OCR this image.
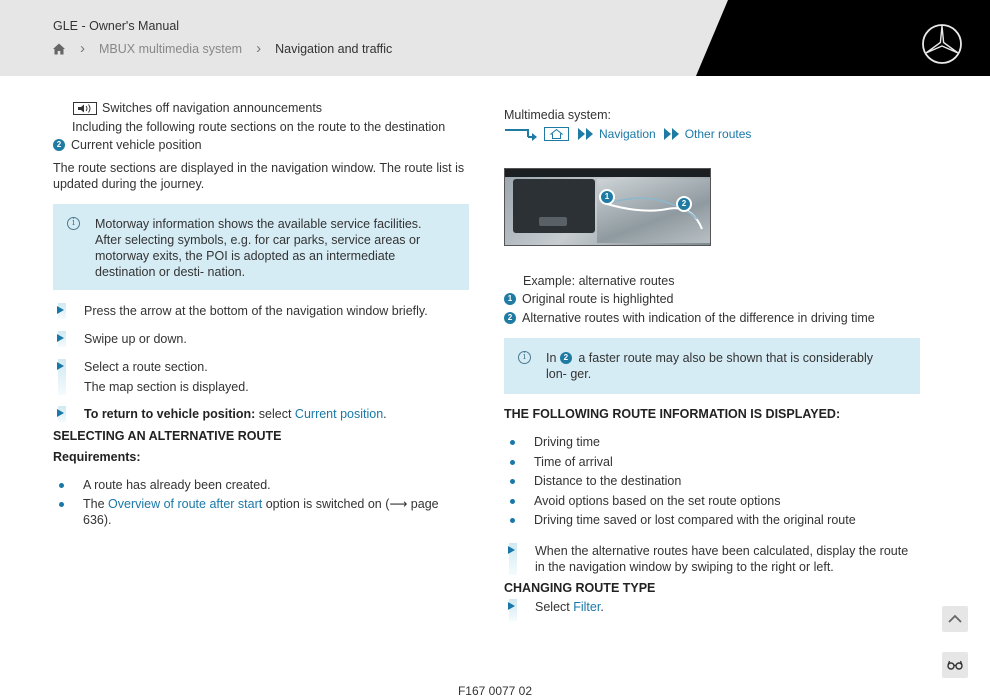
GLE - Owner's Manual
› MBUX multimedia system › Navigation and traffic
Switches off navigation announcements
Including the following route sections on the route to the destination
2 Current vehicle position
The route sections are displayed in the navigation window. The route list is updated during the journey.
i	Motorway information shows the available service facilities. After selecting symbols, e.g. for car parks, service areas or motorway exits, the POI is adopted as an intermediate destination or desti- nation.
Press the arrow at the bottom of the navigation window briefly.
Swipe up or down.
Select a route section.
The map section is displayed.
To return to vehicle position: select Current position.
SELECTING AN ALTERNATIVE ROUTE
Requirements:
A route has already been created.
The Overview of route after start option is switched on (⟶ page 636).
Multimedia system:
Navigation Other routes
1
2
Example: alternative routes
1 Original route is highlighted
2 Alternative routes with indication of the difference in driving time
i	In 2 a faster route may also be shown that is considerably lon- ger.
THE FOLLOWING ROUTE INFORMATION IS DISPLAYED:
Driving time
Time of arrival
Distance to the destination
Avoid options based on the set route options
Driving time saved or lost compared with the original route
When the alternative routes have been calculated, display the route in the navigation window by swiping to the right or left.
CHANGING ROUTE TYPE
Select Filter.
F167 0077 02
